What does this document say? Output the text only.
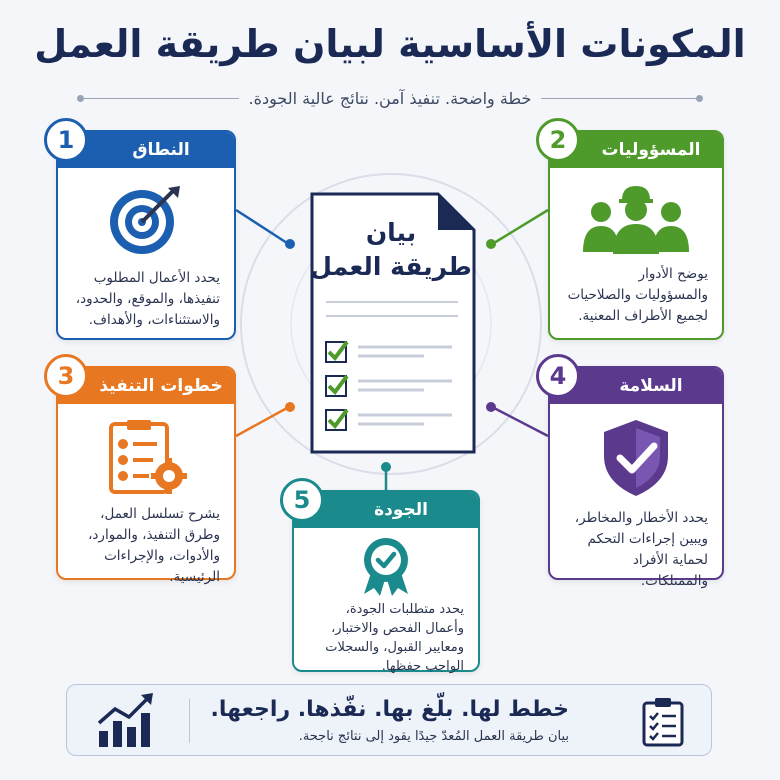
المكونات الأساسية لبيان طريقة العمل
خطة واضحة. تنفيذ آمن. نتائج عالية الجودة.
بيان
طريقة العمل
النطاق
1
يحدد الأعمال المطلوب تنفيذها، والموقع، والحدود، والاستثناءات، والأهداف.
المسؤوليات
2
يوضح الأدوار والمسؤوليات والصلاحيات لجميع الأطراف المعنية.
خطوات التنفيذ
3
يشرح تسلسل العمل، وطرق التنفيذ، والموارد، والأدوات، والإجراءات الرئيسية.
السلامة
4
يحدد الأخطار والمخاطر، ويبين إجراءات التحكم لحماية الأفراد والممتلكات.
الجودة
5
يحدد متطلبات الجودة، وأعمال الفحص والاختبار، ومعايير القبول، والسجلات الواجب حفظها.
خطط لها. بلّغ بها. نفّذها. راجعها.
بيان طريقة العمل المُعدّ جيدًا يقود إلى نتائج ناجحة.
